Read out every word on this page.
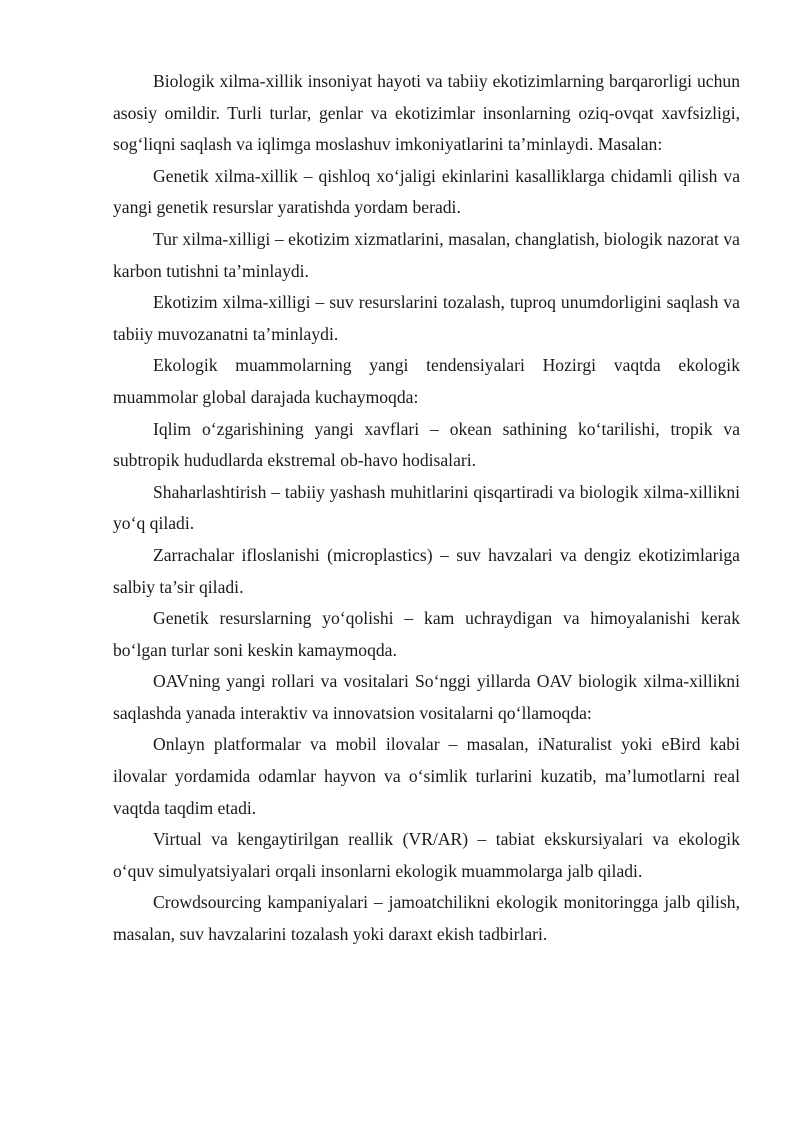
Biologik xilma-xillik insoniyat hayoti va tabiiy ekotizimlarning barqarorligi uchun asosiy omildir. Turli turlar, genlar va ekotizimlar insonlarning oziq-ovqat xavfsizligi, sog‘liqni saqlash va iqlimga moslashuv imkoniyatlarini ta’minlaydi. Masalan:

Genetik xilma-xillik – qishloq xo‘jaligi ekinlarini kasalliklarga chidamli qilish va yangi genetik resurslar yaratishda yordam beradi.

Tur xilma-xilligi – ekotizim xizmatlarini, masalan, changlatish, biologik nazorat va karbon tutishni ta’minlaydi.

Ekotizim xilma-xilligi – suv resurslarini tozalash, tuproq unumdorligini saqlash va tabiiy muvozanatni ta’minlaydi.

Ekologik muammolarning yangi tendensiyalari Hozirgi vaqtda ekologik muammolar global darajada kuchaymoqda:

Iqlim o‘zgarishining yangi xavflari – okean sathining ko‘tarilishi, tropik va subtropik hududlarda ekstremal ob-havo hodisalari.

Shaharlashtirish – tabiiy yashash muhitlarini qisqartiradi va biologik xilma-xillikni yo‘q qiladi.

Zarrachalar ifloslanishi (microplastics) – suv havzalari va dengiz ekotizimlariga salbiy ta’sir qiladi.

Genetik resurslarning yo‘qolishi – kam uchraydigan va himoyalanishi kerak bo‘lgan turlar soni keskin kamaymoqda.

OAVning yangi rollari va vositalari So‘nggi yillarda OAV biologik xilma-xillikni saqlashda yanada interaktiv va innovatsion vositalarni qo‘llamoqda:

Onlayn platformalar va mobil ilovalar – masalan, iNaturalist yoki eBird kabi ilovalar yordamida odamlar hayvon va o‘simlik turlarini kuzatib, ma’lumotlarni real vaqtda taqdim etadi.

Virtual va kengaytirilgan reallik (VR/AR) – tabiat ekskursiyalari va ekologik o‘quv simulyatsiyalari orqali insonlarni ekologik muammolarga jalb qiladi.

Crowdsourcing kampaniyalari – jamoatchilikni ekologik monitoringga jalb qilish, masalan, suv havzalarini tozalash yoki daraxt ekish tadbirlari.
